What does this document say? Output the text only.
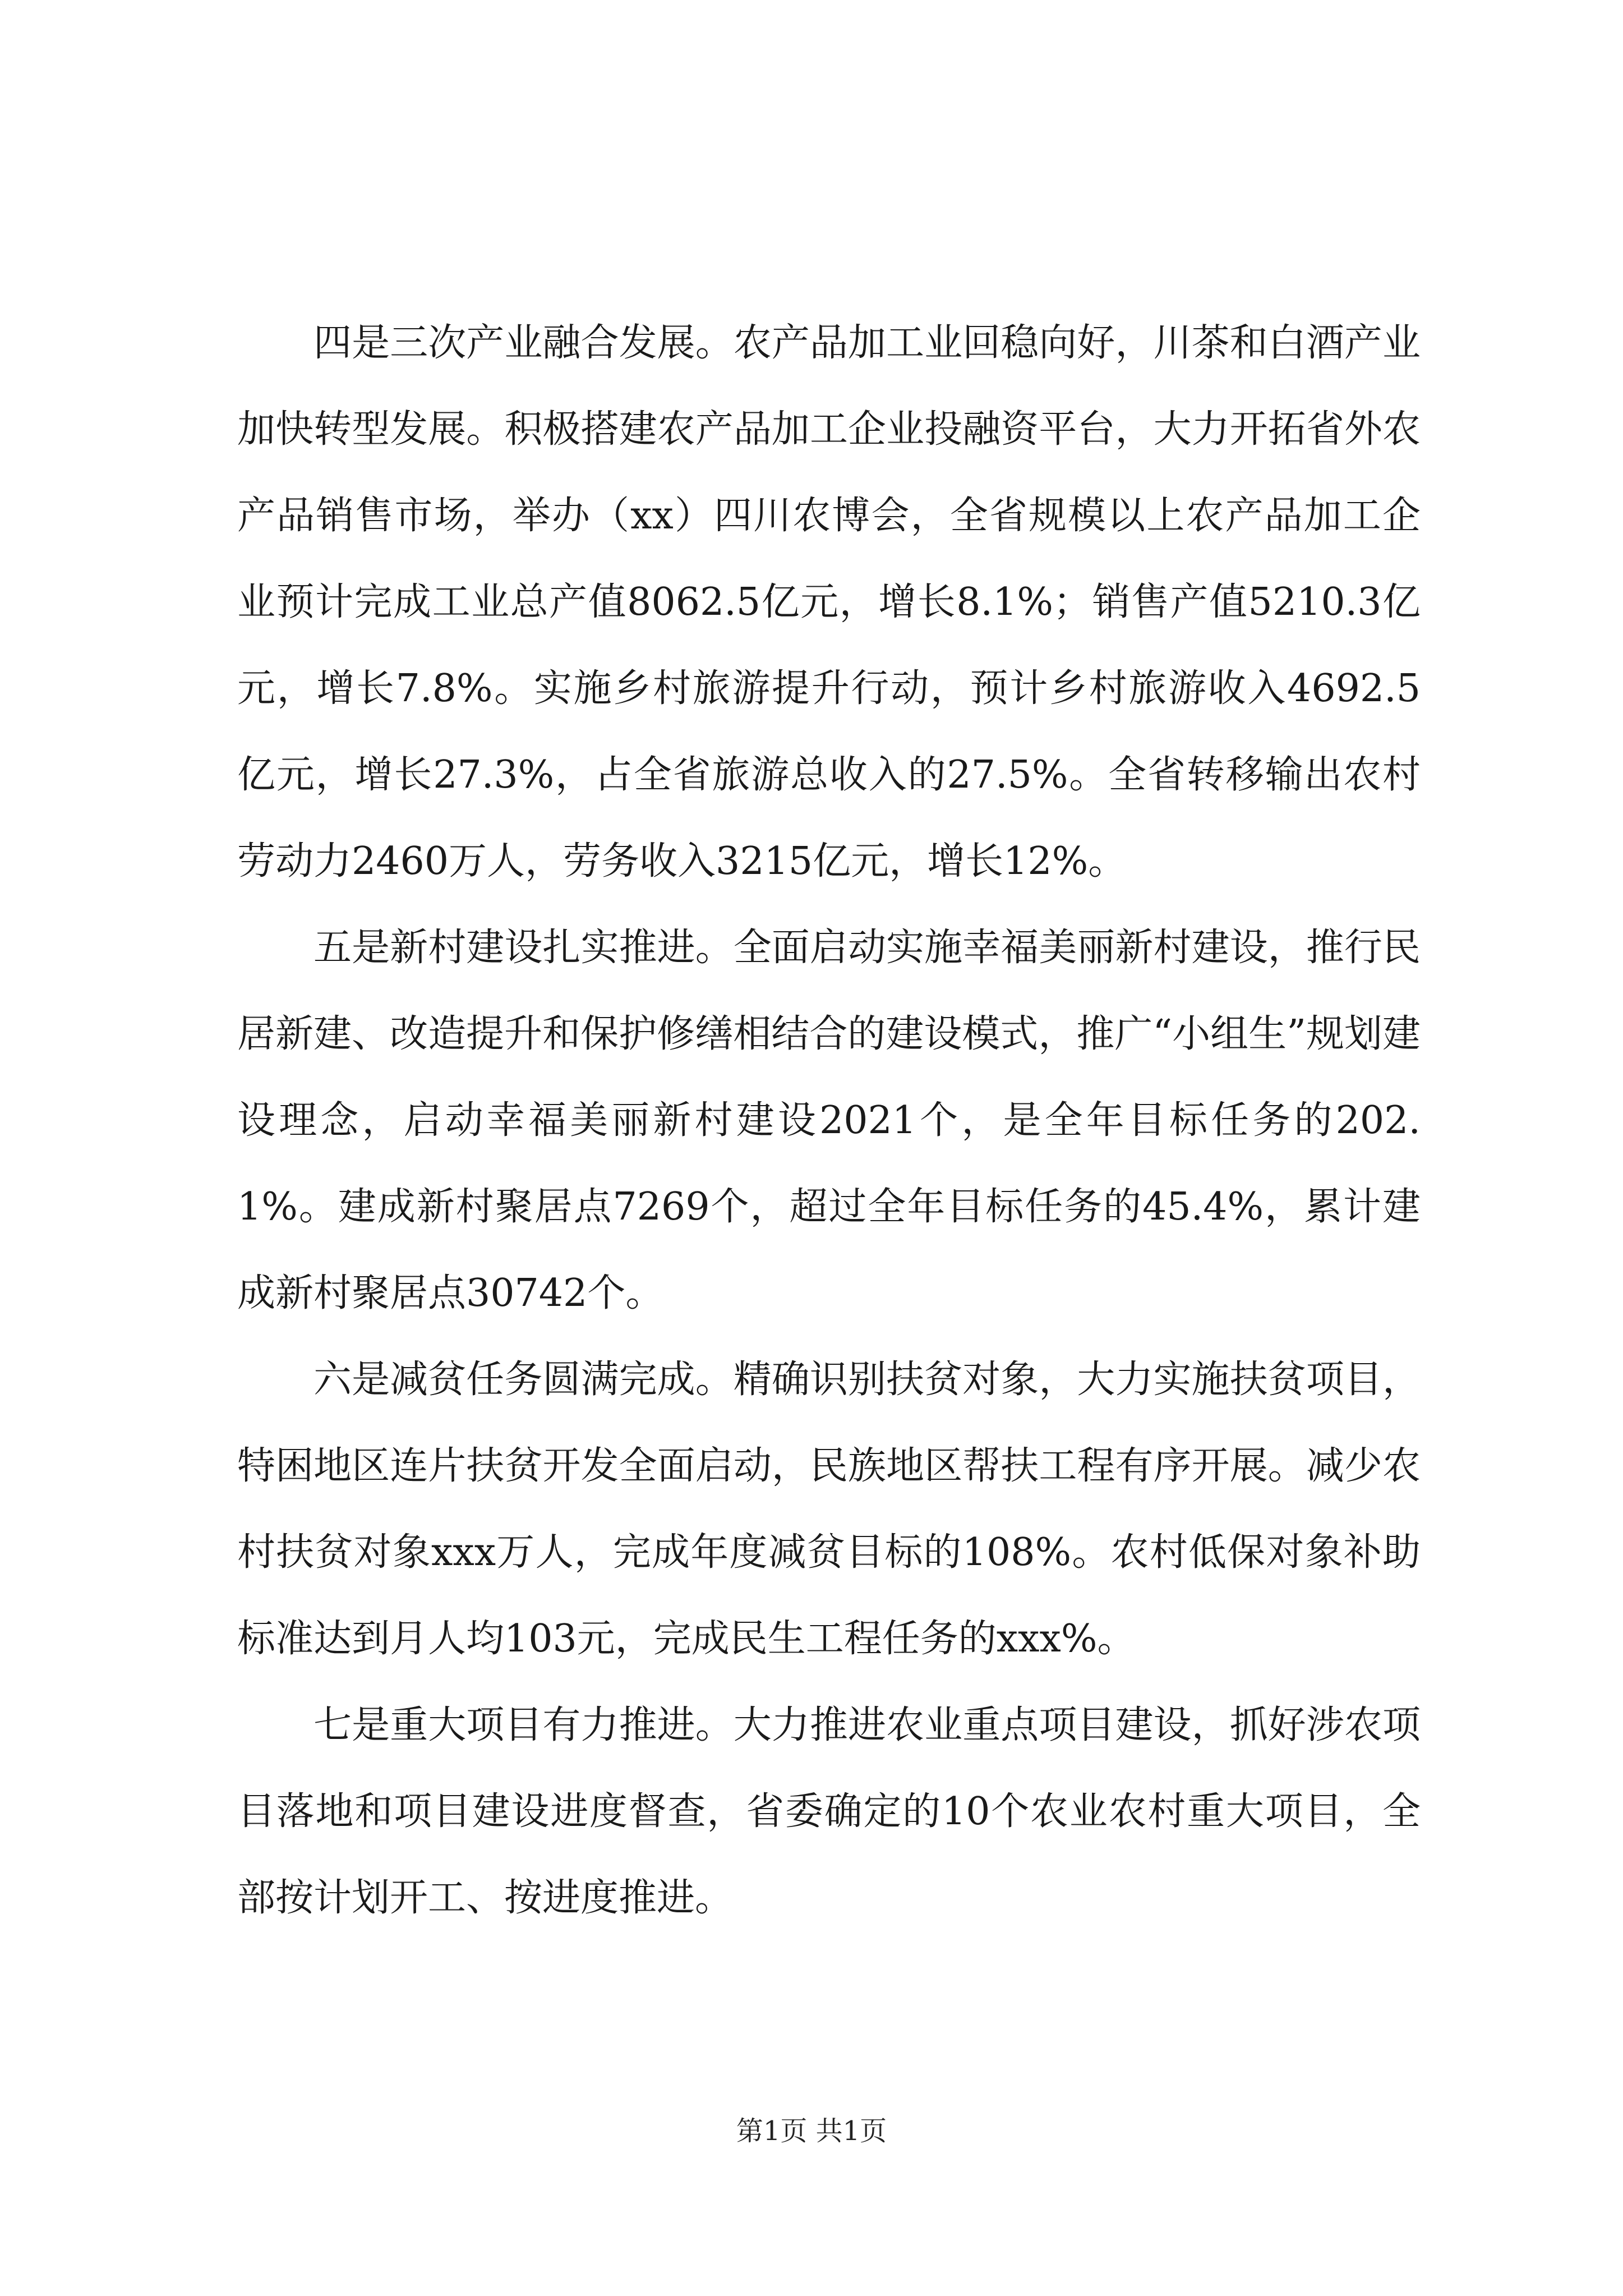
四是三次产业融合发展。农产品加工业回稳向好，川茶和白酒产业加快转型发展。积极搭建农产品加工企业投融资平台，大力开拓省外农产品销售市场，举办（xx）四川农博会，全省规模以上农产品加工企业预计完成工业总产值8062.5亿元，增长8.1%；销售产值5210.3亿元，增长7.8%。实施乡村旅游提升行动，预计乡村旅游收入4692.5亿元，增长27.3%，占全省旅游总收入的27.5%。全省转移输出农村劳动力2460万人，劳务收入3215亿元，增长12%。

五是新村建设扎实推进。全面启动实施幸福美丽新村建设，推行民居新建、改造提升和保护修缮相结合的建设模式，推广“小组生”规划建设理念，启动幸福美丽新村建设2021个，是全年目标任务的202.1%。建成新村聚居点7269个，超过全年目标任务的45.4%，累计建成新村聚居点30742个。

六是减贫任务圆满完成。精确识别扶贫对象，大力实施扶贫项目，特困地区连片扶贫开发全面启动，民族地区帮扶工程有序开展。减少农村扶贫对象xxx万人，完成年度减贫目标的108%。农村低保对象补助标准达到月人均103元，完成民生工程任务的xxx%。

七是重大项目有力推进。大力推进农业重点项目建设，抓好涉农项目落地和项目建设进度督查，省委确定的10个农业农村重大项目，全部按计划开工、按进度推进。

第1页 共1页
